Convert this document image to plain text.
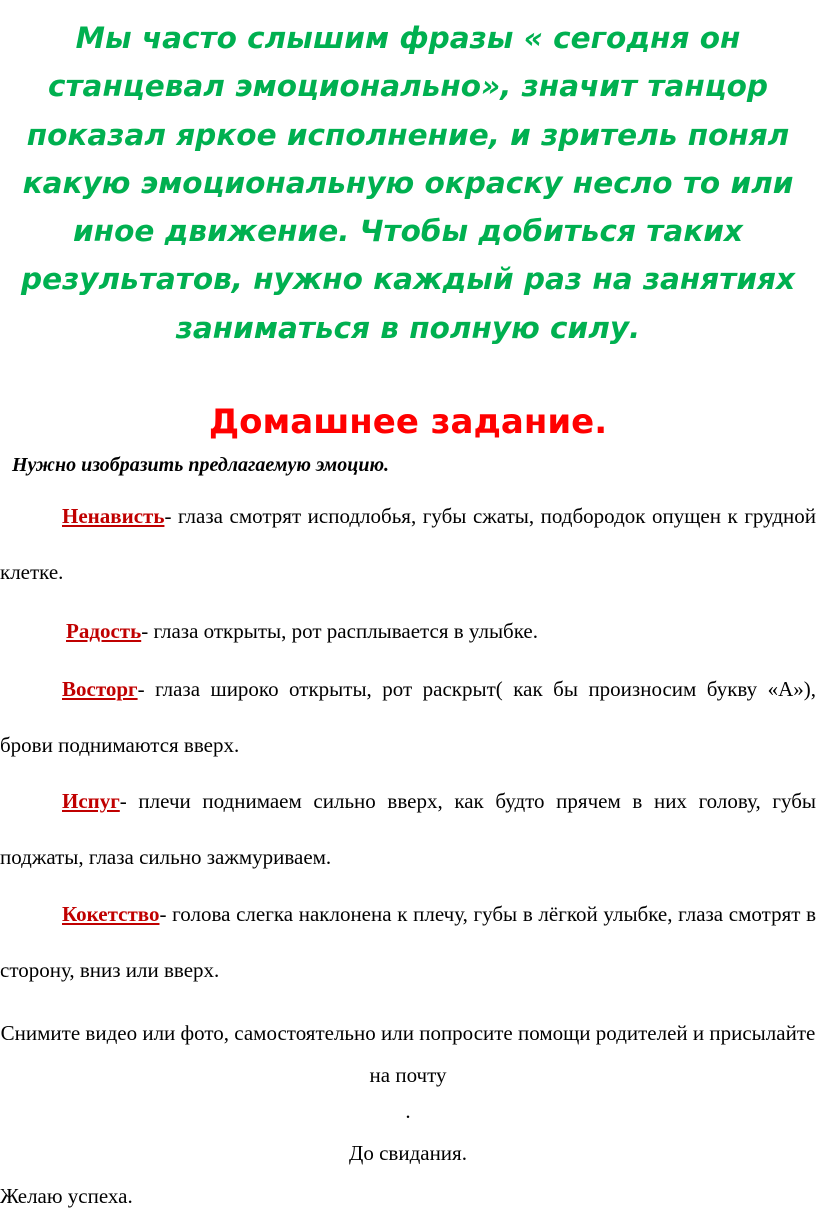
Мы часто слышим фразы « сегодня он станцевал эмоционально», значит танцор показал яркое исполнение, и зритель понял какую эмоциональную окраску несло то или иное движение. Чтобы добиться таких результатов, нужно каждый раз на занятиях заниматься в полную силу.

Домашнее задание.

Нужно изобразить предлагаемую эмоцию.

Ненависть- глаза смотрят исподлобья, губы сжаты, подбородок опущен к грудной клетке.

Радость- глаза открыты, рот расплывается в улыбке.

Восторг- глаза широко открыты, рот раскрыт( как бы произносим букву «А»), брови поднимаются вверх.

Испуг- плечи поднимаем сильно вверх, как будто прячем в них голову, губы поджаты, глаза сильно зажмуриваем.

Кокетство- голова слегка наклонена к плечу, губы в лёгкой улыбке, глаза смотрят в сторону, вниз или вверх.

Снимите видео или фото, самостоятельно или попросите помощи родителей и присылайте на почту

.

До свидания.

Желаю успеха.
